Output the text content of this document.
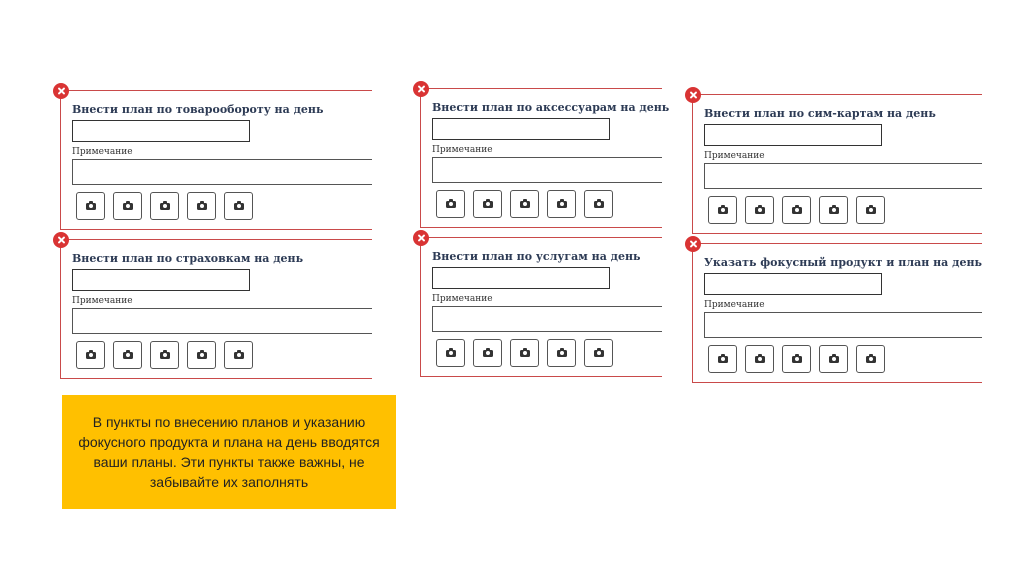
Внести план по товарообороту на день
Примечание
Внести план по аксессуарам на день
Примечание
Внести план по сим-картам на день
Примечание
Внести план по страховкам на день
Примечание
Внести план по услугам на день
Примечание
Указать фокусный продукт и план на день
Примечание
В пункты по внесению планов и указанию фокусного продукта и плана на день вводятся ваши планы. Эти пункты также важны, не забывайте их заполнять
